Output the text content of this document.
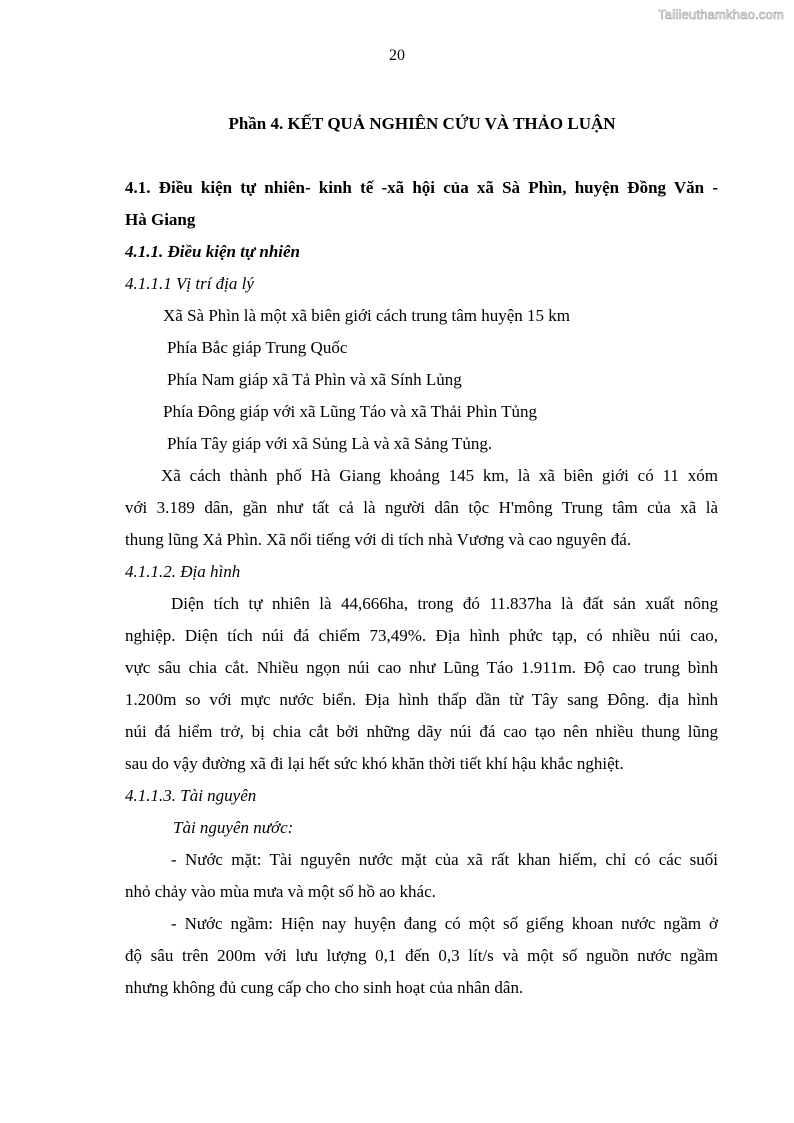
Tailieuthamkhao.com
20
Phần 4. KẾT QUẢ NGHIÊN CỨU VÀ THẢO LUẬN
4.1. Điều kiện tự nhiên- kinh tế -xã hội của xã Sà Phìn, huyện Đồng Văn -
Hà Giang
4.1.1. Điều kiện tự nhiên
4.1.1.1 Vị trí địa lý
Xã Sà Phìn là một xã biên giới cách trung tâm huyện 15 km
Phía Bắc giáp Trung Quốc
Phía Nam giáp xã Tả Phìn và xã Sính Lủng
Phía Đông giáp với xã Lũng Táo và xã Thải Phìn Tủng
Phía Tây giáp với xã Sủng Là và xã Sảng Tủng.
Xã cách thành phố Hà Giang khoảng 145 km, là xã biên giới có 11 xóm
với 3.189 dân, gần như tất cả là người dân tộc H'mông Trung tâm của xã là
thung lũng Xả Phìn. Xã nổi tiếng với di tích nhà Vương và cao nguyên đá.
4.1.1.2. Địa hình
Diện tích tự nhiên là 44,666ha, trong đó 11.837ha là đất sản xuất nông
nghiệp. Diện tích núi đá chiếm 73,49%. Địa hình phức tạp, có nhiều núi cao,
vực sâu chia cắt. Nhiều ngọn núi cao như Lũng Táo 1.911m. Độ cao trung bình
1.200m so với mực nước biển. Địa hình thấp dần từ Tây sang Đông. địa hình
núi đá hiểm trở, bị chia cắt bởi những dãy núi đá cao tạo nên nhiều thung lũng
sau do vậy đường xã đi lại hết sức khó khăn thời tiết khí hậu khắc nghiệt.
4.1.1.3. Tài nguyên
Tài nguyên nước:
- Nước mặt: Tài nguyên nước mặt của xã rất khan hiếm, chỉ có các suối
nhỏ chảy vào mùa mưa và một số hồ ao khác.
- Nước ngầm: Hiện nay huyện đang có một số giếng khoan nước ngầm ở
độ sâu trên 200m với lưu lượng 0,1 đến 0,3 lít/s và một số nguồn nước ngầm
nhưng không đủ cung cấp cho cho sinh hoạt của nhân dân.
